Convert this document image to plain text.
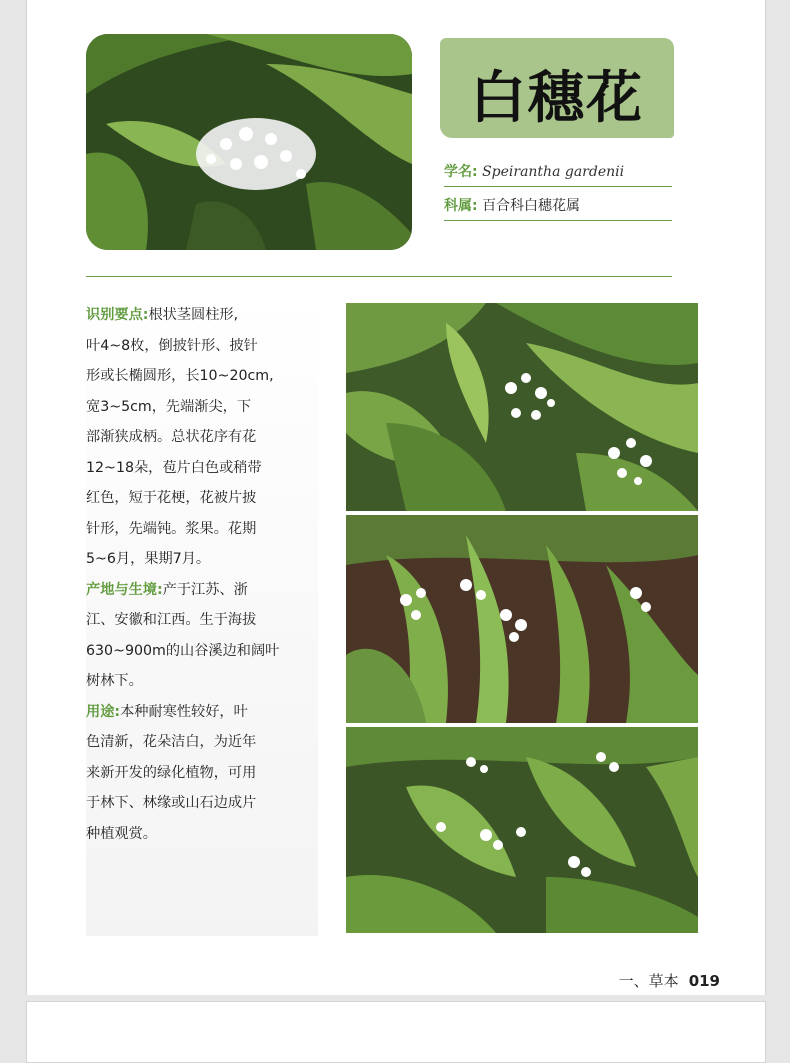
白穗花
学名: Speirantha gardenii
科属: 百合科白穗花属

识别要点:根状茎圆柱形,

叶4~8枚，倒披针形、披针

形或长椭圆形，长10~20cm,

宽3~5cm，先端渐尖，下

部渐狭成柄。总状花序有花

12~18朵，苞片白色或稍带

红色，短于花梗，花被片披

针形，先端钝。浆果。花期

5~6月，果期7月。

产地与生境:产于江苏、浙

江、安徽和江西。生于海拔

630~900m的山谷溪边和阔叶

树林下。

用途:本种耐寒性较好，叶

色清新，花朵洁白，为近年

来新开发的绿化植物，可用

于林下、林缘或山石边成片

种植观赏。

一、草本 019
